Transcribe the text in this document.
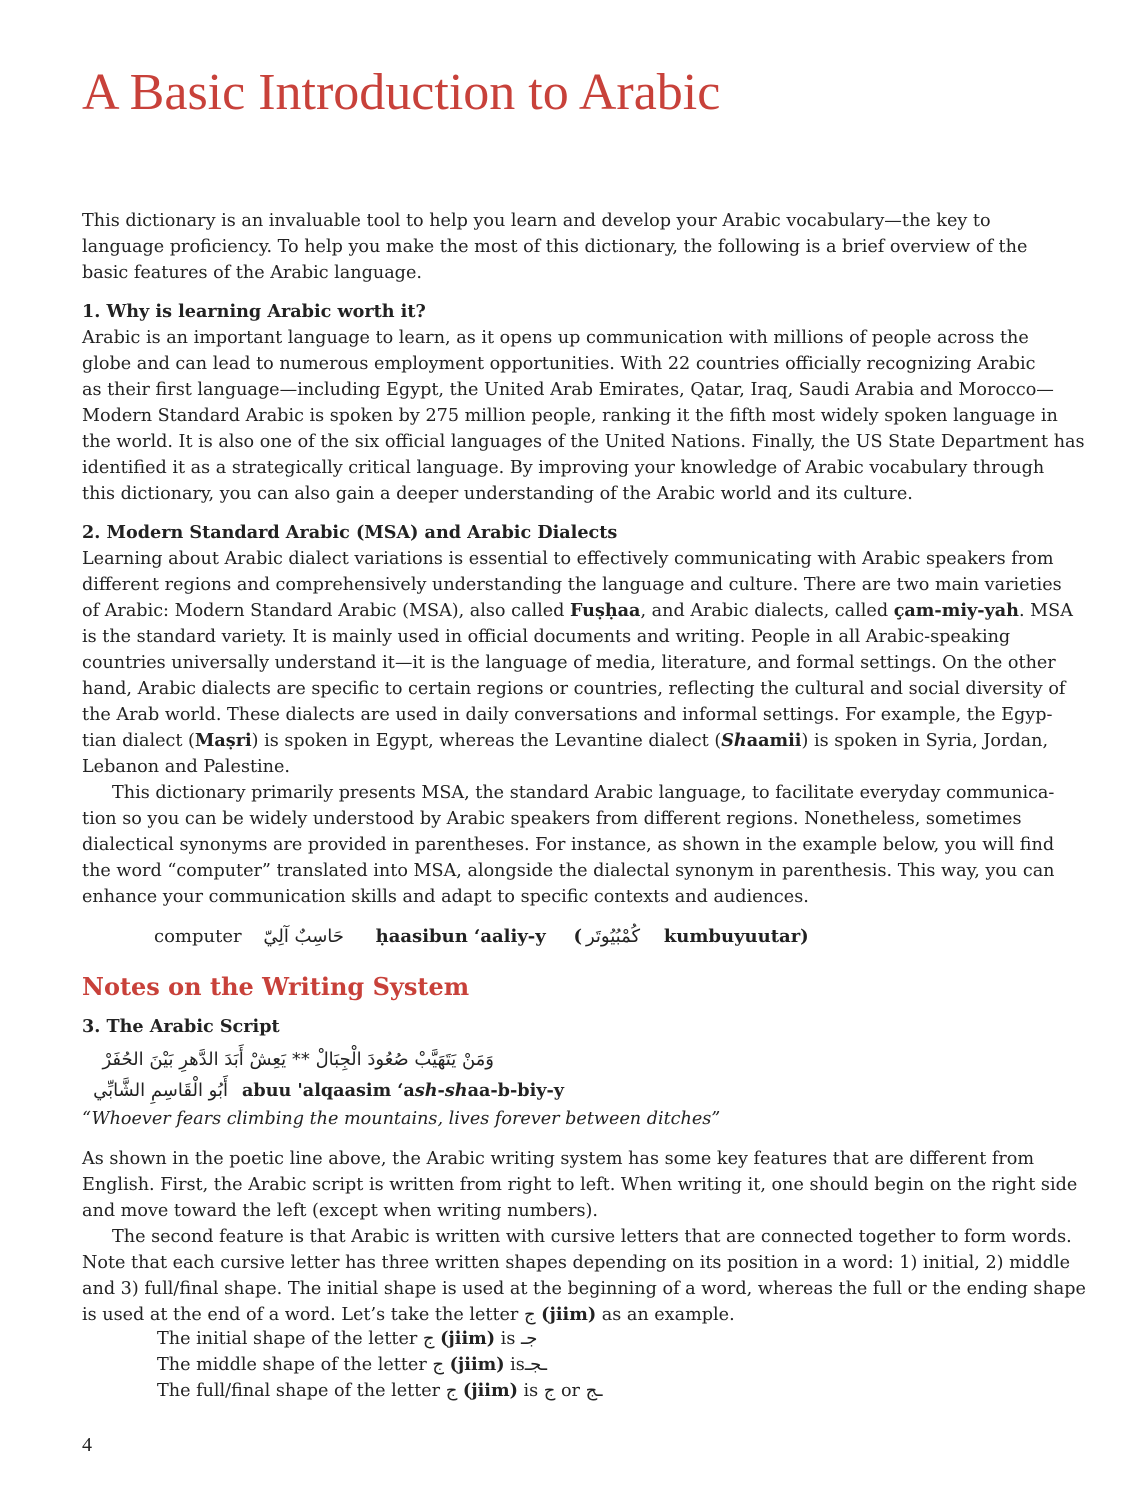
A Basic Introduction to Arabic

This dictionary is an invaluable tool to help you learn and develop your Arabic vocabulary—the key to

language proficiency. To help you make the most of this dictionary, the following is a brief overview of the

basic features of the Arabic language.

1. Why is learning Arabic worth it?

Arabic is an important language to learn, as it opens up communication with millions of people across the

globe and can lead to numerous employment opportunities. With 22 countries officially recognizing Arabic

as their first language—including Egypt, the United Arab Emirates, Qatar, Iraq, Saudi Arabia and Morocco—

Modern Standard Arabic is spoken by 275 million people, ranking it the fifth most widely spoken language in

the world. It is also one of the six official languages of the United Nations. Finally, the US State Department has

identified it as a strategically critical language. By improving your knowledge of Arabic vocabulary through

this dictionary, you can also gain a deeper understanding of the Arabic world and its culture.

2. Modern Standard Arabic (MSA) and Arabic Dialects

Learning about Arabic dialect variations is essential to effectively communicating with Arabic speakers from

different regions and comprehensively understanding the language and culture. There are two main varieties

of Arabic: Modern Standard Arabic (MSA), also called Fuṣḥaa, and Arabic dialects, called çam-miy-yah. MSA

is the standard variety. It is mainly used in official documents and writing. People in all Arabic-speaking

countries universally understand it—it is the language of media, literature, and formal settings. On the other

hand, Arabic dialects are specific to certain regions or countries, reflecting the cultural and social diversity of

the Arab world. These dialects are used in daily conversations and informal settings. For example, the Egyp-

tian dialect (Maṣri) is spoken in Egypt, whereas the Levantine dialect (Shaamii) is spoken in Syria, Jordan,

Lebanon and Palestine.

This dictionary primarily presents MSA, the standard Arabic language, to facilitate everyday communica-

tion so you can be widely understood by Arabic speakers from different regions. Nonetheless, sometimes

dialectical synonyms are provided in parentheses. For instance, as shown in the example below, you will find

the word “computer” translated into MSA, alongside the dialectal synonym in parenthesis. This way, you can

enhance your communication skills and adapt to specific contexts and audiences.

computer حَاسِبٌ آلِيّ ḥaasibun ‘aaliy-y ( كُمْبُيُوتَر kumbuyuutar)
Notes on the Writing System

3. The Arabic Script

وَمَنْ يَتَهَيَّبْ صُعُودَ الْجِبَالْ ** يَعِشْ أَبَدَ الدَّهرِ بَيْنَ الحُفَرْ
أَبُو الْقَاسِمِ الشَّابِّي abuu 'alqaasim ‘ash-shaa-b-biy-y

“Whoever fears climbing the mountains, lives forever between ditches”

As shown in the poetic line above, the Arabic writing system has some key features that are different from

English. First, the Arabic script is written from right to left. When writing it, one should begin on the right side

and move toward the left (except when writing numbers).

The second feature is that Arabic is written with cursive letters that are connected together to form words.

Note that each cursive letter has three written shapes depending on its position in a word: 1) initial, 2) middle

and 3) full/final shape. The initial shape is used at the beginning of a word, whereas the full or the ending shape

is used at the end of a word. Let’s take the letter ج (jiim) as an example.

The initial shape of the letter ج (jiim) is جـ

The middle shape of the letter ج (jiim) isـجـ

The full/final shape of the letter ج (jiim) is ج or ـج

4
